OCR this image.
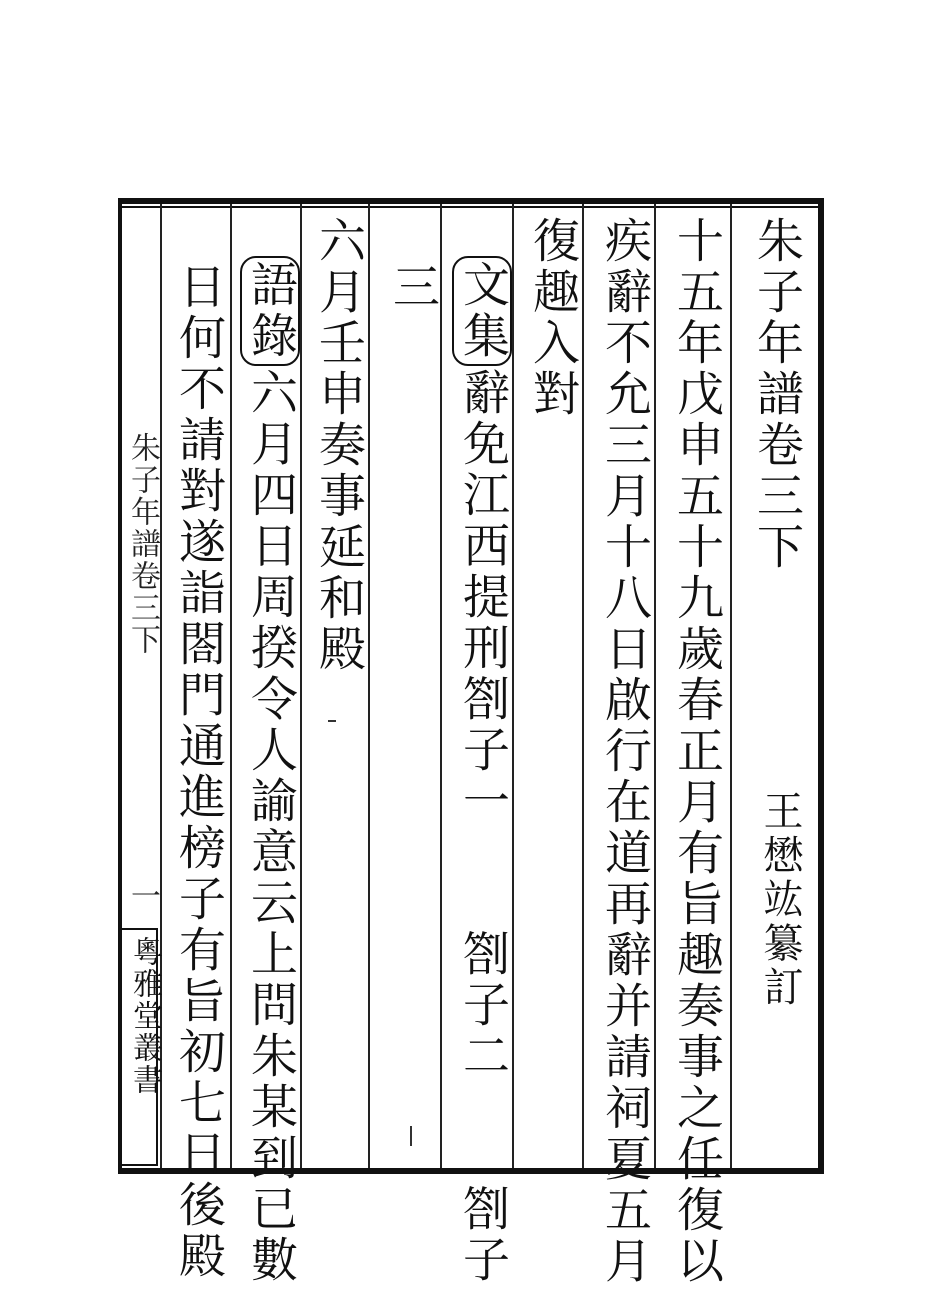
朱子年譜卷三下
王懋竑纂訂
十五年戊申五十九歲春正月有旨趣奏事之任復以
疾辭不允三月十八日啟行在道再辭并請祠夏五月
復趣入對
文集辭免江西提刑劄子一　　劄子二　　劄子
三
六月壬申奏事延和殿
語錄六月四日周揆令人諭意云上問朱某到已數
日何不請對遂詣閤門通進榜子有旨初七日後殿
朱子年譜卷三下
一
粵雅堂叢書
